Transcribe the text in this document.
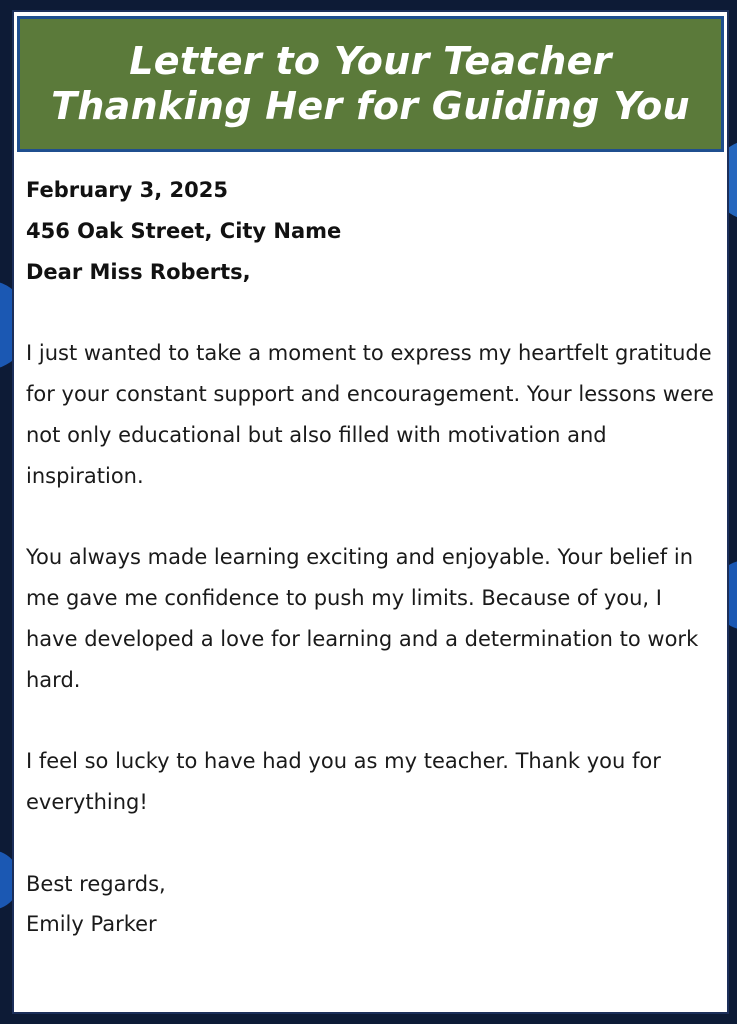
Letter to Your Teacher Thanking Her for Guiding You

February 3, 2025

456 Oak Street, City Name

Dear Miss Roberts,

I just wanted to take a moment to express my heartfelt gratitude for your constant support and encouragement. Your lessons were not only educational but also filled with motivation and inspiration.

You always made learning exciting and enjoyable. Your belief in me gave me confidence to push my limits. Because of you, I have developed a love for learning and a determination to work hard.

I feel so lucky to have had you as my teacher. Thank you for everything!

Best regards,

Emily Parker
